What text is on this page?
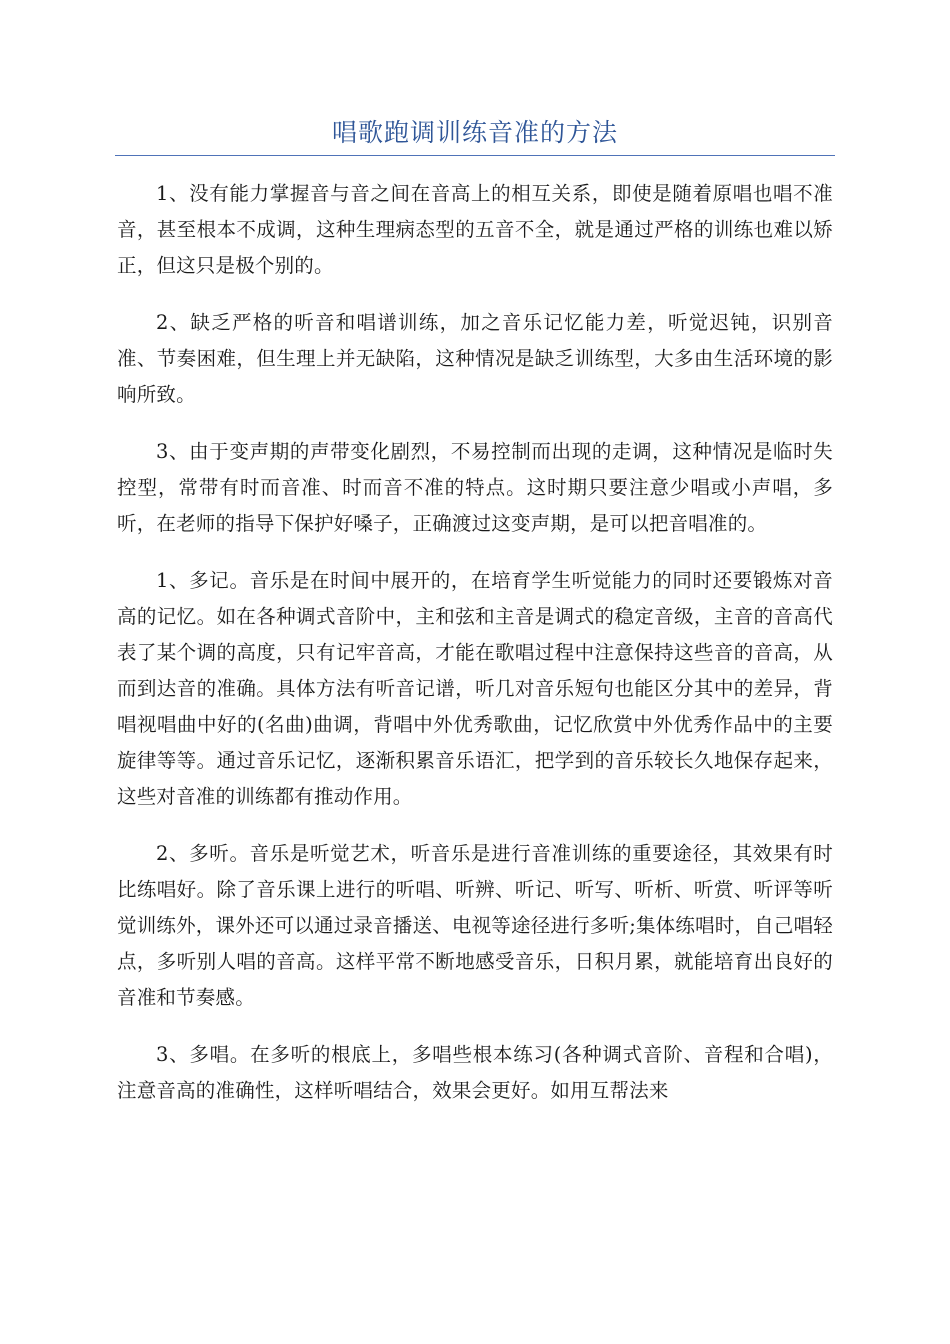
唱歌跑调训练音准的方法

1、没有能力掌握音与音之间在音高上的相互关系，即使是随着原唱也唱不准音，甚至根本不成调，这种生理病态型的五音不全，就是通过严格的训练也难以矫正，但这只是极个别的。

2、缺乏严格的听音和唱谱训练，加之音乐记忆能力差，听觉迟钝，识别音准、节奏困难，但生理上并无缺陷，这种情况是缺乏训练型，大多由生活环境的影响所致。

3、由于变声期的声带变化剧烈，不易控制而出现的走调，这种情况是临时失控型，常带有时而音准、时而音不准的特点。这时期只要注意少唱或小声唱，多听，在老师的指导下保护好嗓子，正确渡过这变声期，是可以把音唱准的。

1、多记。音乐是在时间中展开的，在培育学生听觉能力的同时还要锻炼对音高的记忆。如在各种调式音阶中，主和弦和主音是调式的稳定音级，主音的音高代表了某个调的高度，只有记牢音高，才能在歌唱过程中注意保持这些音的音高，从而到达音的准确。具体方法有听音记谱，听几对音乐短句也能区分其中的差异，背唱视唱曲中好的(名曲)曲调，背唱中外优秀歌曲，记忆欣赏中外优秀作品中的主要旋律等等。通过音乐记忆，逐渐积累音乐语汇，把学到的音乐较长久地保存起来，这些对音准的训练都有推动作用。

2、多听。音乐是听觉艺术，听音乐是进行音准训练的重要途径，其效果有时比练唱好。除了音乐课上进行的听唱、听辨、听记、听写、听析、听赏、听评等听觉训练外，课外还可以通过录音播送、电视等途径进行多听;集体练唱时，自己唱轻点，多听别人唱的音高。这样平常不断地感受音乐，日积月累，就能培育出良好的音准和节奏感。

3、多唱。在多听的根底上，多唱些根本练习(各种调式音阶、音程和合唱)，注意音高的准确性，这样听唱结合，效果会更好。如用互帮法来
